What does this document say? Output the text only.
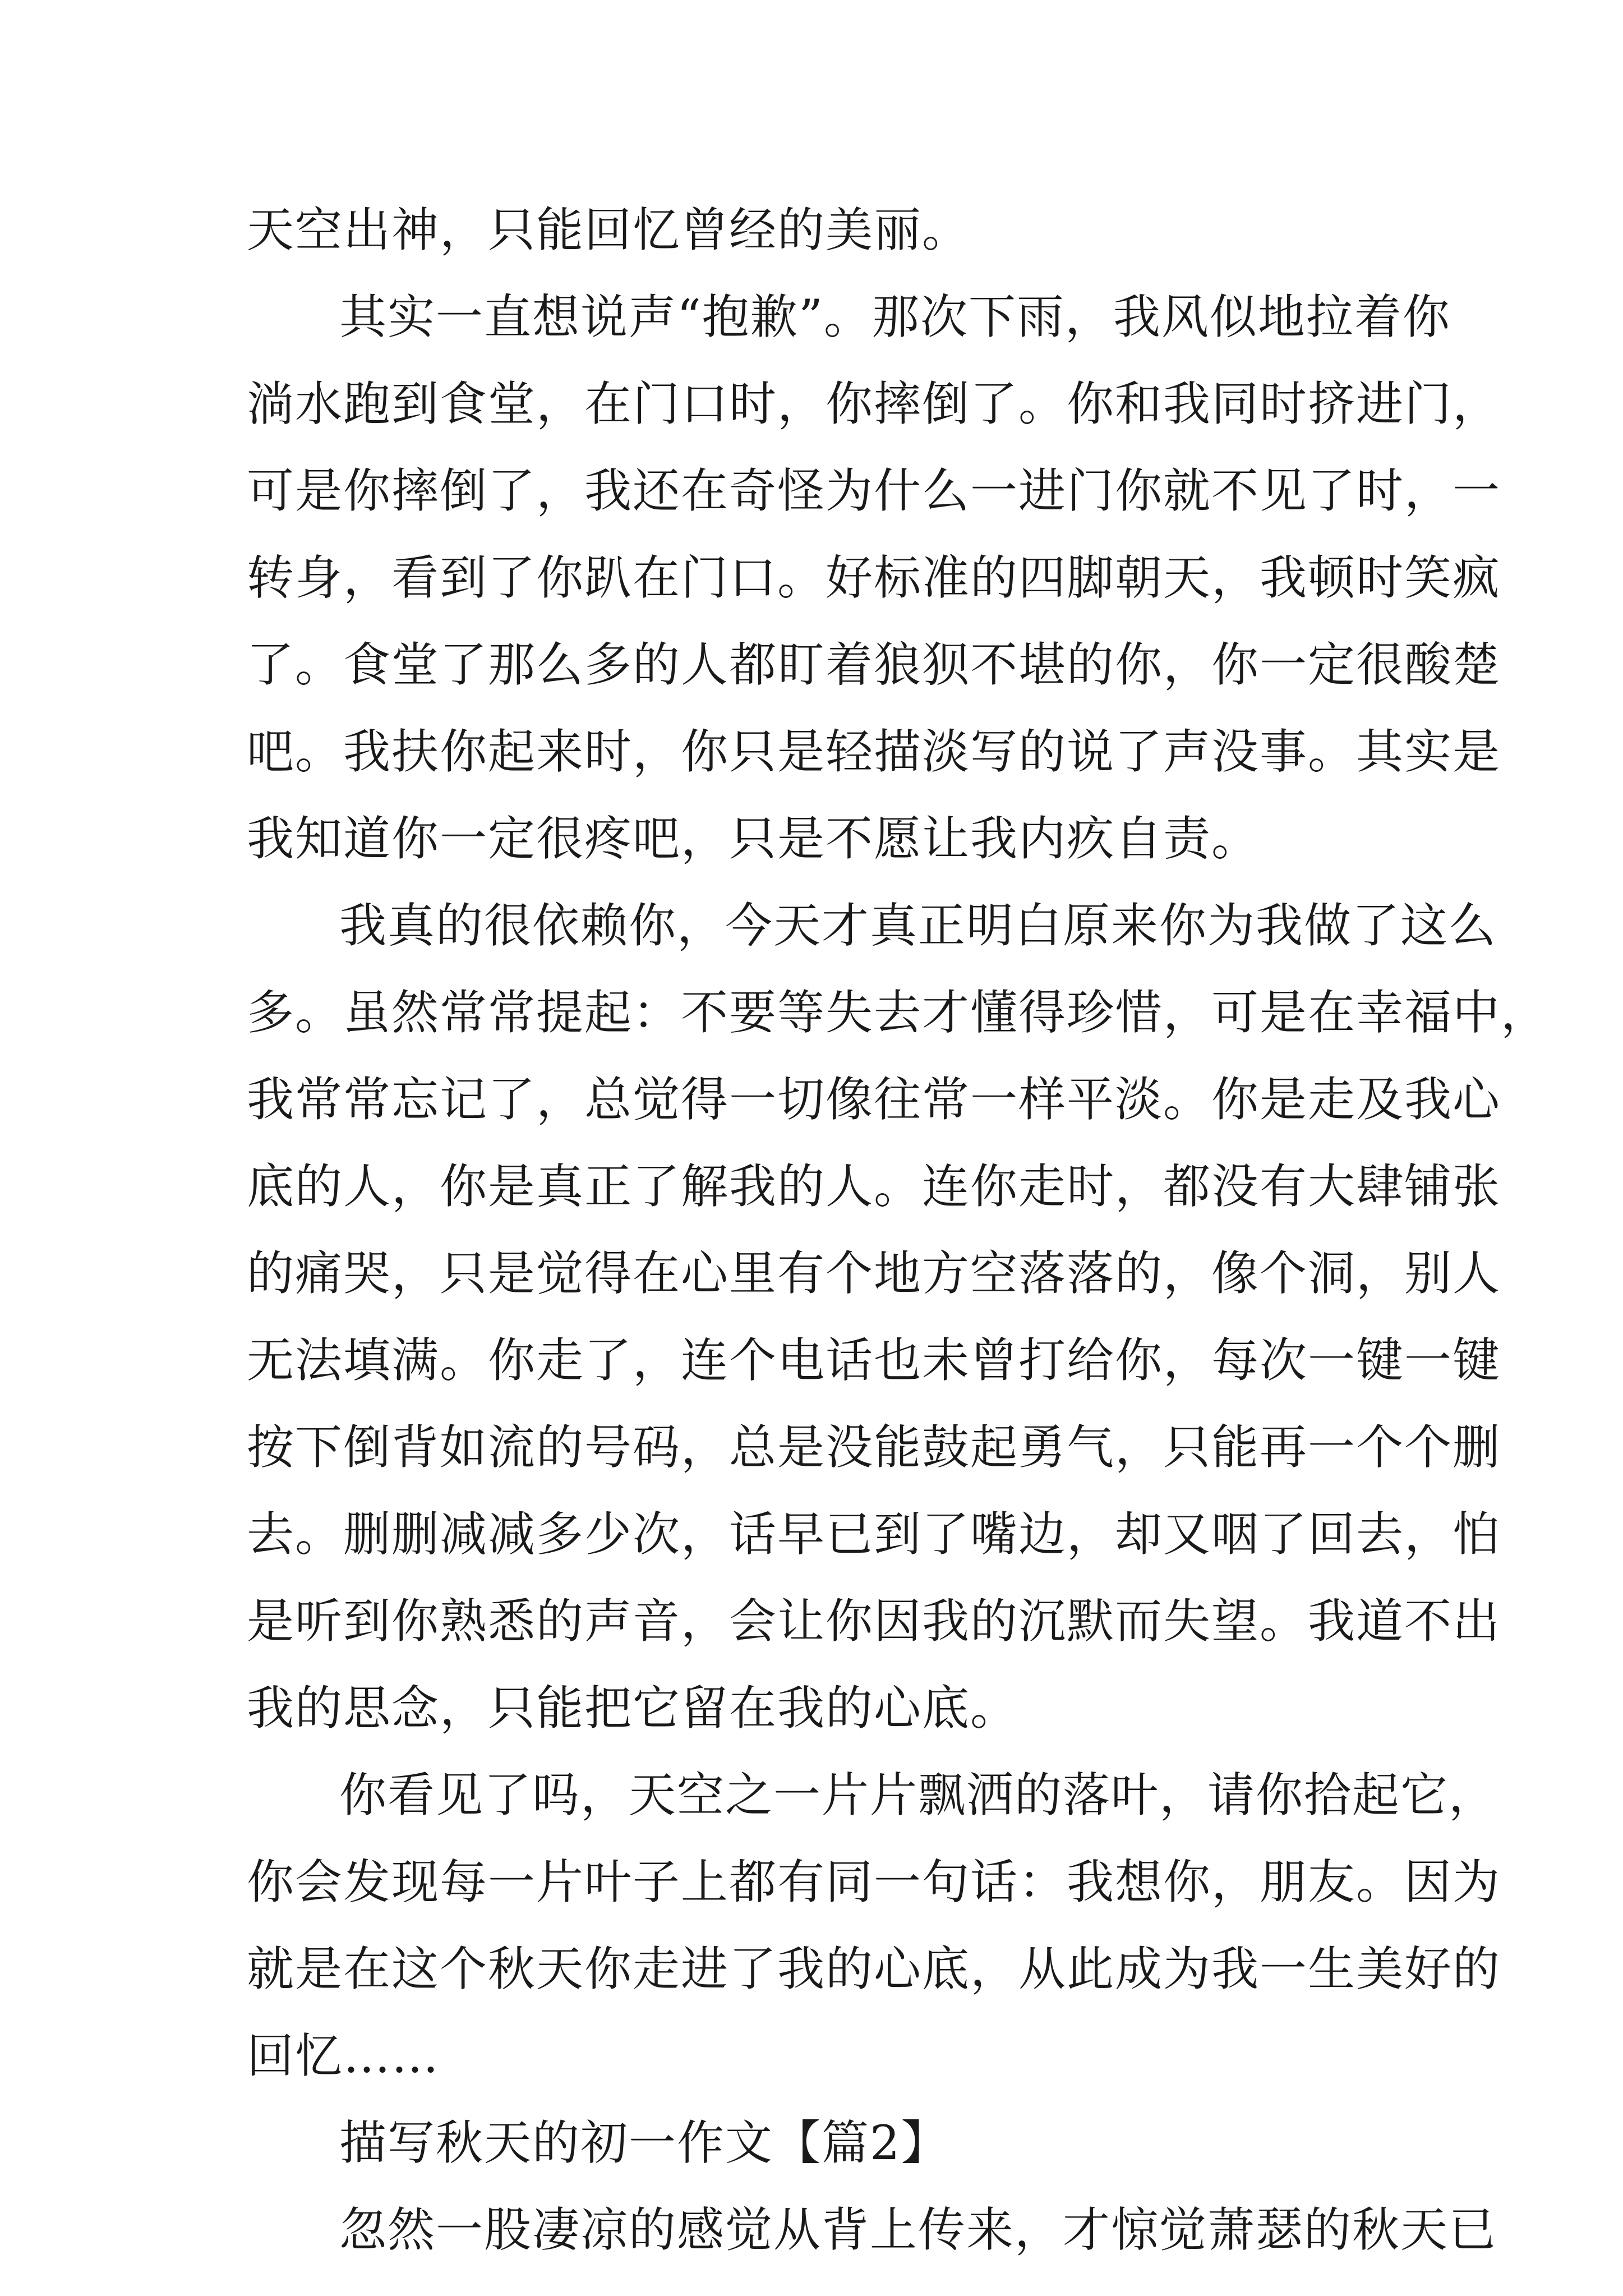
天空出神，只能回忆曾经的美丽。
其实一直想说声“抱歉”。那次下雨，我风似地拉着你
淌水跑到食堂，在门口时，你摔倒了。你和我同时挤进门，
可是你摔倒了，我还在奇怪为什么一进门你就不见了时，一
转身，看到了你趴在门口。好标准的四脚朝天，我顿时笑疯
了。食堂了那么多的人都盯着狼狈不堪的你，你一定很酸楚
吧。我扶你起来时，你只是轻描淡写的说了声没事。其实是
我知道你一定很疼吧，只是不愿让我内疚自责。
我真的很依赖你，今天才真正明白原来你为我做了这么
多。虽然常常提起：不要等失去才懂得珍惜，可是在幸福中，
我常常忘记了，总觉得一切像往常一样平淡。你是走及我心
底的人，你是真正了解我的人。连你走时，都没有大肆铺张
的痛哭，只是觉得在心里有个地方空落落的，像个洞，别人
无法填满。你走了，连个电话也未曾打给你，每次一键一键
按下倒背如流的号码，总是没能鼓起勇气，只能再一个个删
去。删删减减多少次，话早已到了嘴边，却又咽了回去，怕
是听到你熟悉的声音，会让你因我的沉默而失望。我道不出
我的思念，只能把它留在我的心底。
你看见了吗，天空之一片片飘洒的落叶，请你拾起它，
你会发现每一片叶子上都有同一句话：我想你，朋友。因为
就是在这个秋天你走进了我的心底，从此成为我一生美好的
回忆……
描写秋天的初一作文【篇2】
忽然一股凄凉的感觉从背上传来，才惊觉萧瑟的秋天已
